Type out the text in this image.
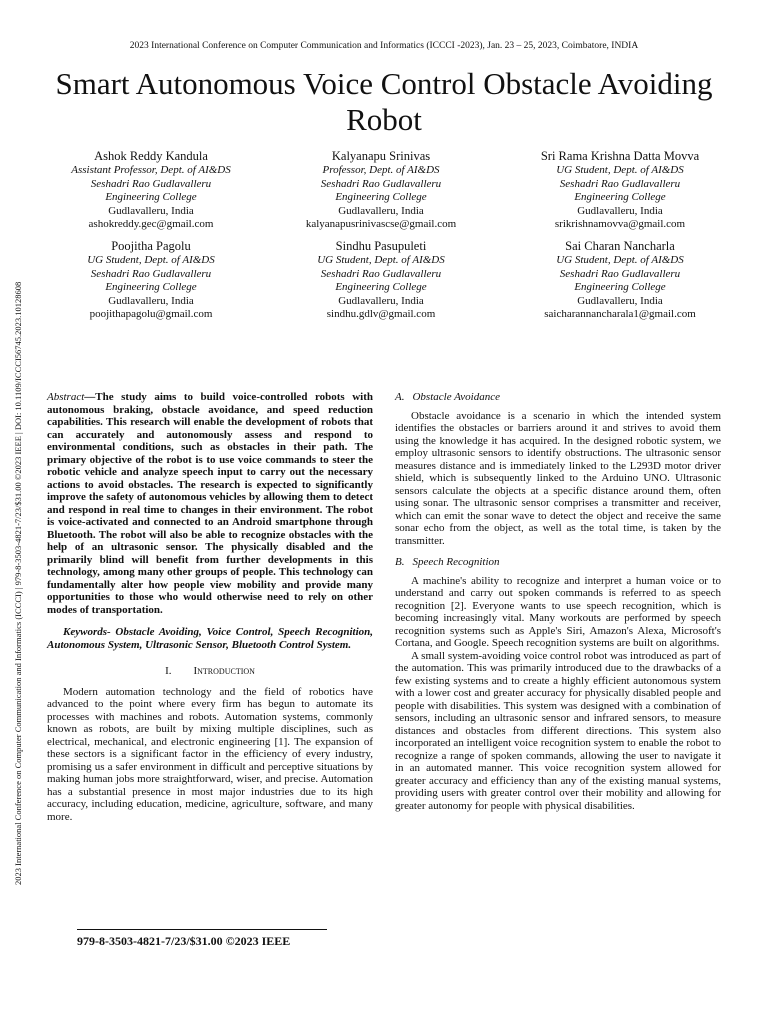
2023 International Conference on Computer Communication and Informatics (ICCCI -2023), Jan. 23 – 25, 2023, Coimbatore, INDIA
Smart Autonomous Voice Control Obstacle Avoiding Robot
2023 International Conference on Computer Communication and Informatics (ICCCI) | 979-8-3503-4821-7/23/$31.00 ©2023 IEEE | DOI: 10.1109/ICCCI56745.2023.10128608
Ashok Reddy Kandula
Assistant Professor, Dept. of AI&DS
Seshadri Rao Gudlavalleru
Engineering College
Gudlavalleru, India
ashokreddy.gec@gmail.com
Kalyanapu Srinivas
Professor, Dept. of AI&DS
Seshadri Rao Gudlavalleru
Engineering College
Gudlavalleru, India
kalyanapusrinivascse@gmail.com
Sri Rama Krishna Datta Movva
UG Student, Dept. of AI&DS
Seshadri Rao Gudlavalleru
Engineering College
Gudlavalleru, India
srikrishnamovva@gmail.com
Poojitha Pagolu
UG Student, Dept. of AI&DS
Seshadri Rao Gudlavalleru
Engineering College
Gudlavalleru, India
poojithapagolu@gmail.com
Sindhu Pasupuleti
UG Student, Dept. of AI&DS
Seshadri Rao Gudlavalleru
Engineering College
Gudlavalleru, India
sindhu.gdlv@gmail.com
Sai Charan Nancharla
UG Student, Dept. of AI&DS
Seshadri Rao Gudlavalleru
Engineering College
Gudlavalleru, India
saicharannancharala1@gmail.com

Abstract—The study aims to build voice-controlled robots with autonomous braking, obstacle avoidance, and speed reduction capabilities. This research will enable the development of robots that can accurately and autonomously assess and respond to environmental conditions, such as obstacles in their path. The primary objective of the robot is to use voice commands to steer the robotic vehicle and analyze speech input to carry out the necessary actions to avoid obstacles. The research is expected to significantly improve the safety of autonomous vehicles by allowing them to detect and respond in real time to changes in their environment. The robot is voice-activated and connected to an Android smartphone through Bluetooth. The robot will also be able to recognize obstacles with the help of an ultrasonic sensor. The physically disabled and the primarily blind will benefit from further developments in this technology, among many other groups of people. This technology can fundamentally alter how people view mobility and provide many opportunities to those who would otherwise need to rely on other modes of transportation.

Keywords- Obstacle Avoiding, Voice Control, Speech Recognition, Autonomous System, Ultrasonic Sensor, Bluetooth Control System.

I. Introduction

Modern automation technology and the field of robotics have advanced to the point where every firm has begun to automate its processes with machines and robots. Automation systems, commonly known as robots, are built by mixing multiple disciplines, such as electrical, mechanical, and electronic engineering [1]. The expansion of these sectors is a significant factor in the efficiency of every industry, promising us a safer environment in difficult and perceptive situations by making human jobs more straightforward, wiser, and precise. Automation has a substantial presence in most major industries due to its high accuracy, including education, medicine, agriculture, software, and many more.

A. Obstacle Avoidance

Obstacle avoidance is a scenario in which the intended system identifies the obstacles or barriers around it and strives to avoid them using the knowledge it has acquired. In the designed robotic system, we employ ultrasonic sensors to identify obstructions. The ultrasonic sensor measures distance and is immediately linked to the L293D motor driver shield, which is subsequently linked to the Arduino UNO. Ultrasonic sensors calculate the objects at a specific distance around them, often using sonar. The ultrasonic sensor comprises a transmitter and receiver, which can emit the sonar wave to detect the object and receive the same sonar echo from the object, as well as the total time, is taken by the transmitter.

B. Speech Recognition

A machine's ability to recognize and interpret a human voice or to understand and carry out spoken commands is referred to as speech recognition [2]. Everyone wants to use speech recognition, which is becoming increasingly vital. Many workouts are performed by speech recognition systems such as Apple's Siri, Amazon's Alexa, Microsoft's Cortana, and Google. Speech recognition systems are built on algorithms.

A small system-avoiding voice control robot was introduced as part of the automation. This was primarily introduced due to the drawbacks of a few existing systems and to create a highly efficient autonomous system with a lower cost and greater accuracy for physically disabled people and people with disabilities. This system was designed with a combination of sensors, including an ultrasonic sensor and infrared sensors, to measure distances and obstacles from different directions. This system also incorporated an intelligent voice recognition system to enable the robot to recognize a range of spoken commands, allowing the user to navigate it in an automated manner. This voice recognition system allowed for greater accuracy and efficiency than any of the existing manual systems, providing users with greater control over their mobility and allowing for greater autonomy for people with physical disabilities.

979-8-3503-4821-7/23/$31.00 ©2023 IEEE
